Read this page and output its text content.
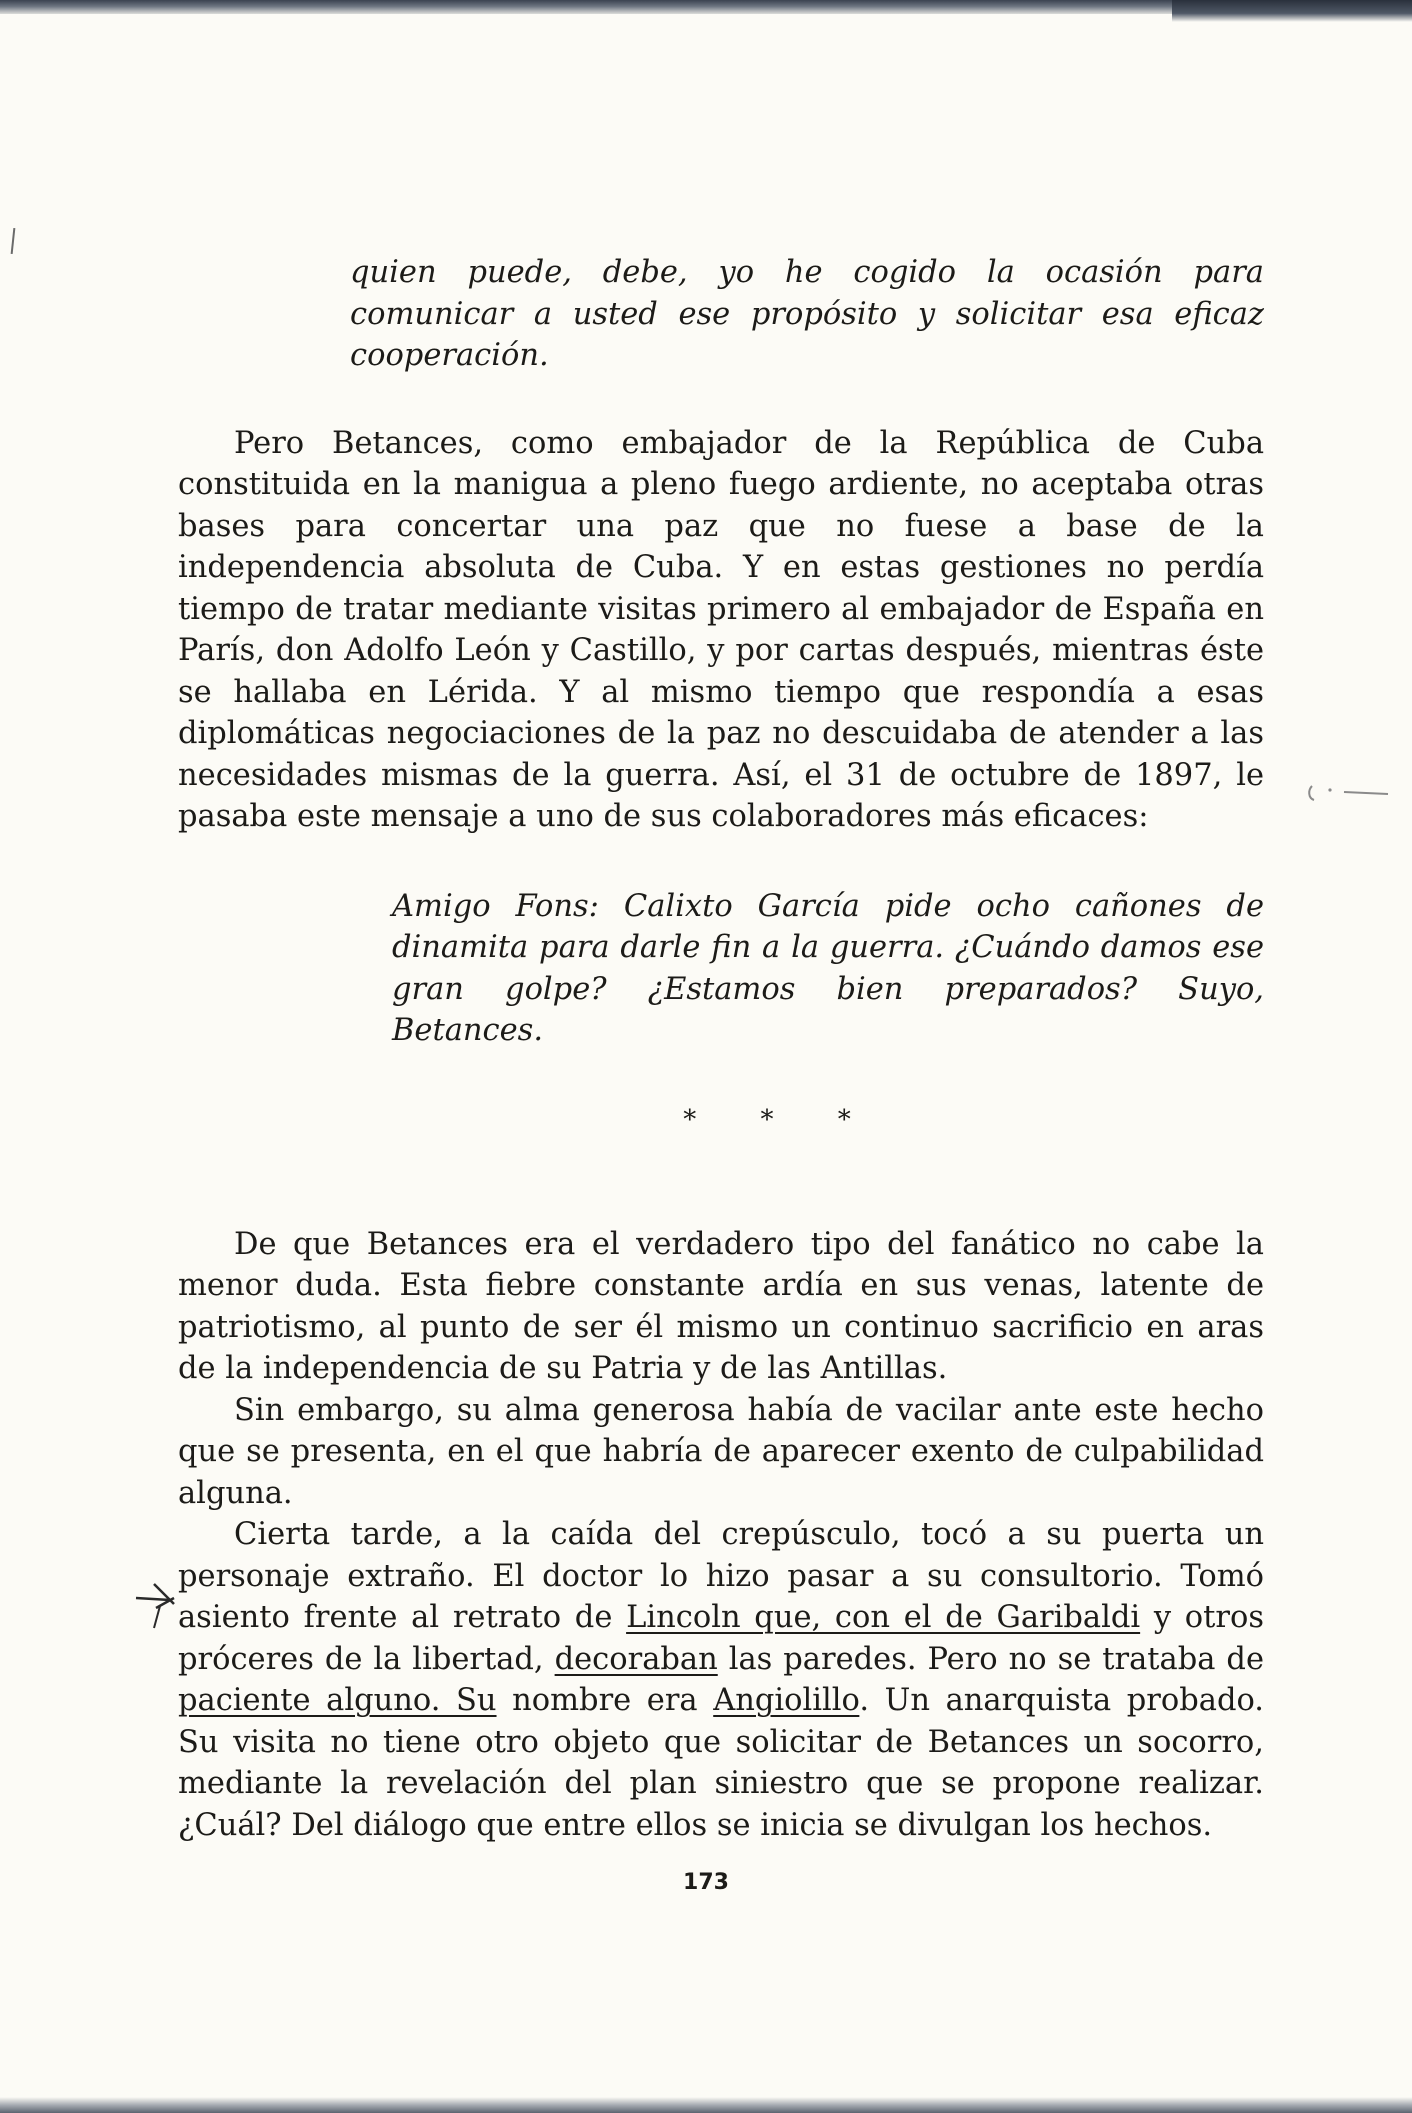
quien puede, debe, yo he cogido la ocasión para comunicar a usted ese propósito y solicitar esa eficaz cooperación.

Pero Betances, como embajador de la República de Cuba constituida en la manigua a pleno fuego ardiente, no aceptaba otras bases para concertar una paz que no fuese a base de la independencia absoluta de Cuba. Y en estas gestiones no perdía tiempo de tratar mediante visitas primero al embajador de España en París, don Adolfo León y Castillo, y por cartas después, mientras éste se hallaba en Lérida. Y al mismo tiempo que respondía a esas diplomáticas negociaciones de la paz no descuidaba de atender a las necesidades mismas de la guerra. Así, el 31 de octubre de 1897, le pasaba este mensaje a uno de sus colaboradores más eficaces:

Amigo Fons: Calixto García pide ocho cañones de dinamita para darle fin a la guerra. ¿Cuándo damos ese gran golpe? ¿Estamos bien preparados? Suyo, Betances.
* * *

De que Betances era el verdadero tipo del fanático no cabe la menor duda. Esta fiebre constante ardía en sus venas, latente de patriotismo, al punto de ser él mismo un continuo sacrificio en aras de la independencia de su Patria y de las Antillas.

Sin embargo, su alma generosa había de vacilar ante este hecho que se presenta, en el que habría de aparecer exento de culpabilidad alguna.

Cierta tarde, a la caída del crepúsculo, tocó a su puerta un personaje extraño. El doctor lo hizo pasar a su consultorio. Tomó asiento frente al retrato de Lincoln que, con el de Garibaldi y otros próceres de la libertad, decoraban las paredes. Pero no se trataba de paciente alguno. Su nombre era Angiolillo. Un anarquista probado. Su visita no tiene otro objeto que solicitar de Betances un socorro, mediante la revelación del plan siniestro que se propone realizar. ¿Cuál? Del diálogo que entre ellos se inicia se divulgan los hechos.

173
